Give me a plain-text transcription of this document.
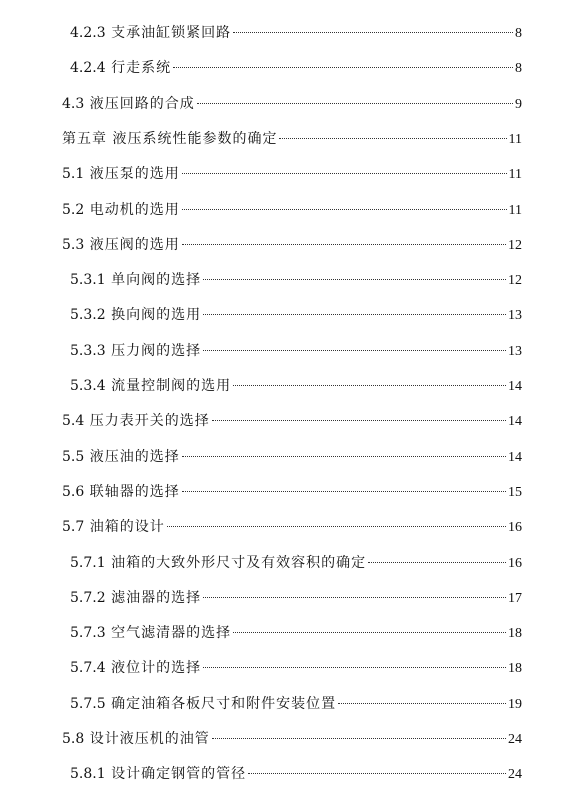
4.2.3 支承油缸锁紧回路	8
4.2.4 行走系统	8
4.3 液压回路的合成	9
第五章 液压系统性能参数的确定	11
5.1 液压泵的选用	11
5.2 电动机的选用	11
5.3 液压阀的选用	12
5.3.1 单向阀的选择	12
5.3.2 换向阀的选用	13
5.3.3 压力阀的选择	13
5.3.4 流量控制阀的选用	14
5.4 压力表开关的选择	14
5.5 液压油的选择	14
5.6 联轴器的选择	15
5.7 油箱的设计	16
5.7.1 油箱的大致外形尺寸及有效容积的确定	16
5.7.2 滤油器的选择	17
5.7.3 空气滤清器的选择	18
5.7.4 液位计的选择	18
5.7.5 确定油箱各板尺寸和附件安装位置	19
5.8 设计液压机的油管	24
5.8.1 设计确定钢管的管径	24
